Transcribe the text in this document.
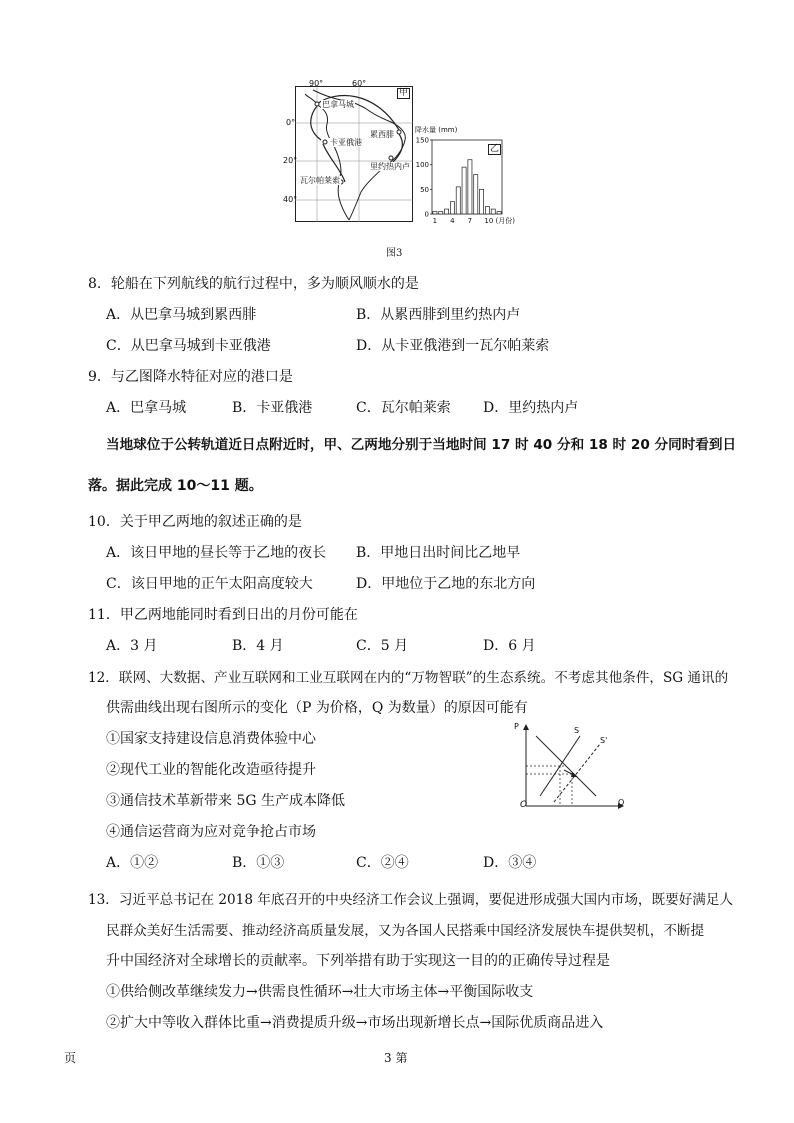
甲
巴拿马城
卡亚俄港
累西腓
里约热内卢
瓦尔帕莱索
90°	60°
0°
20°
40°
150
100
50
0
1 4 7 10 (月份)
降水量 (mm)
乙
图3
8．轮船在下列航线的航行过程中，多为顺风顺水的是
A．从巴拿马城到累西腓	B．从累西腓到里约热内卢
C．从巴拿马城到卡亚俄港	D．从卡亚俄港到一瓦尔帕莱索
9．与乙图降水特征对应的港口是
A．巴拿马城	B．卡亚俄港	C．瓦尔帕莱索 D．里约热内卢
当地球位于公转轨道近日点附近时，甲、乙两地分别于当地时间 17 时 40 分和 18 时 20 分同时看到日
落。据此完成 10～11 题。
10．关于甲乙两地的叙述正确的是
A．该日甲地的昼长等于乙地的夜长 B．甲地日出时间比乙地早
C．该日甲地的正午太阳高度较大	D．甲地位于乙地的东北方向
11．甲乙两地能同时看到日出的月份可能在
A．3 月	B．4 月	C．5 月	D．6 月
12．联网、大数据、产业互联网和工业互联网在内的“万物智联”的生态系统。不考虑其他条件，SG 通讯的
供需曲线出现右图所示的变化（P 为价格，Q 为数量）的原因可能有
①国家支持建设信息消费体验中心
②现代工业的智能化改造亟待提升
③通信技术革新带来 5G 生产成本降低
④通信运营商为应对竞争抢占市场
A．①②	B．①③	C．②④	D．③④
P	S
S'
O	Q
13．习近平总书记在 2018 年底召开的中央经济工作会议上强调，要促进形成强大国内市场，既要好满足人
民群众美好生活需要、推动经济高质量发展，又为各国人民搭乘中国经济发展快车提供契机，不断提
升中国经济对全球增长的贡献率。下列举措有助于实现这一目的的正确传导过程是
①供给侧改革继续发力→供需良性循环→壮大市场主体→平衡国际收支
②扩大中等收入群体比重→消费提质升级→市场出现新增长点→国际优质商品进入
页	3 第
